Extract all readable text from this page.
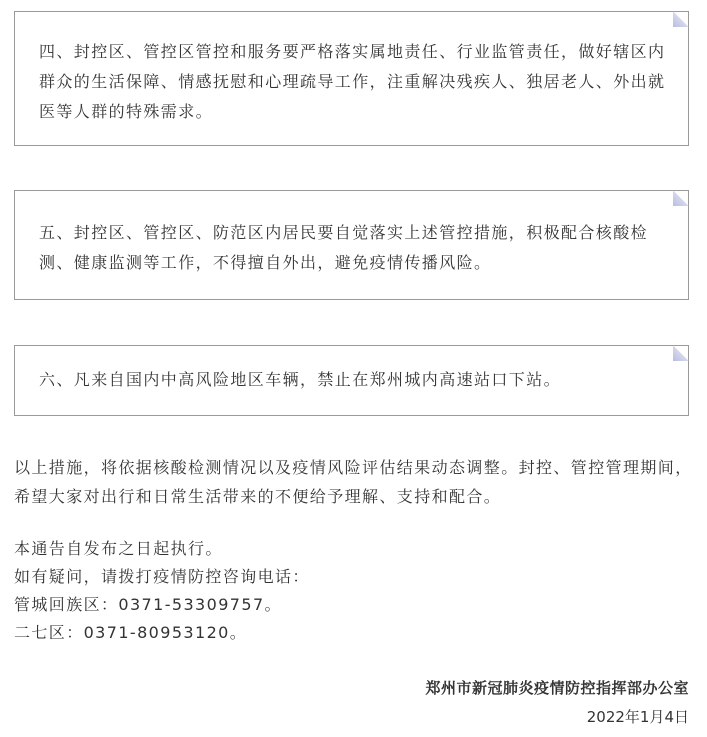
四、封控区、管控区管控和服务要严格落实属地责任、行业监管责任，做好辖区内群众的生活保障、情感抚慰和心理疏导工作，注重解决残疾人、独居老人、外出就医等人群的特殊需求。
五、封控区、管控区、防范区内居民要自觉落实上述管控措施，积极配合核酸检测、健康监测等工作，不得擅自外出，避免疫情传播风险。
六、凡来自国内中高风险地区车辆，禁止在郑州城内高速站口下站。
以上措施，将依据核酸检测情况以及疫情风险评估结果动态调整。封控、管控管理期间，希望大家对出行和日常生活带来的不便给予理解、支持和配合。
本通告自发布之日起执行。
如有疑问，请拨打疫情防控咨询电话：
管城回族区：0371-53309757。
二七区：0371-80953120。
郑州市新冠肺炎疫情防控指挥部办公室
2022年1月4日
